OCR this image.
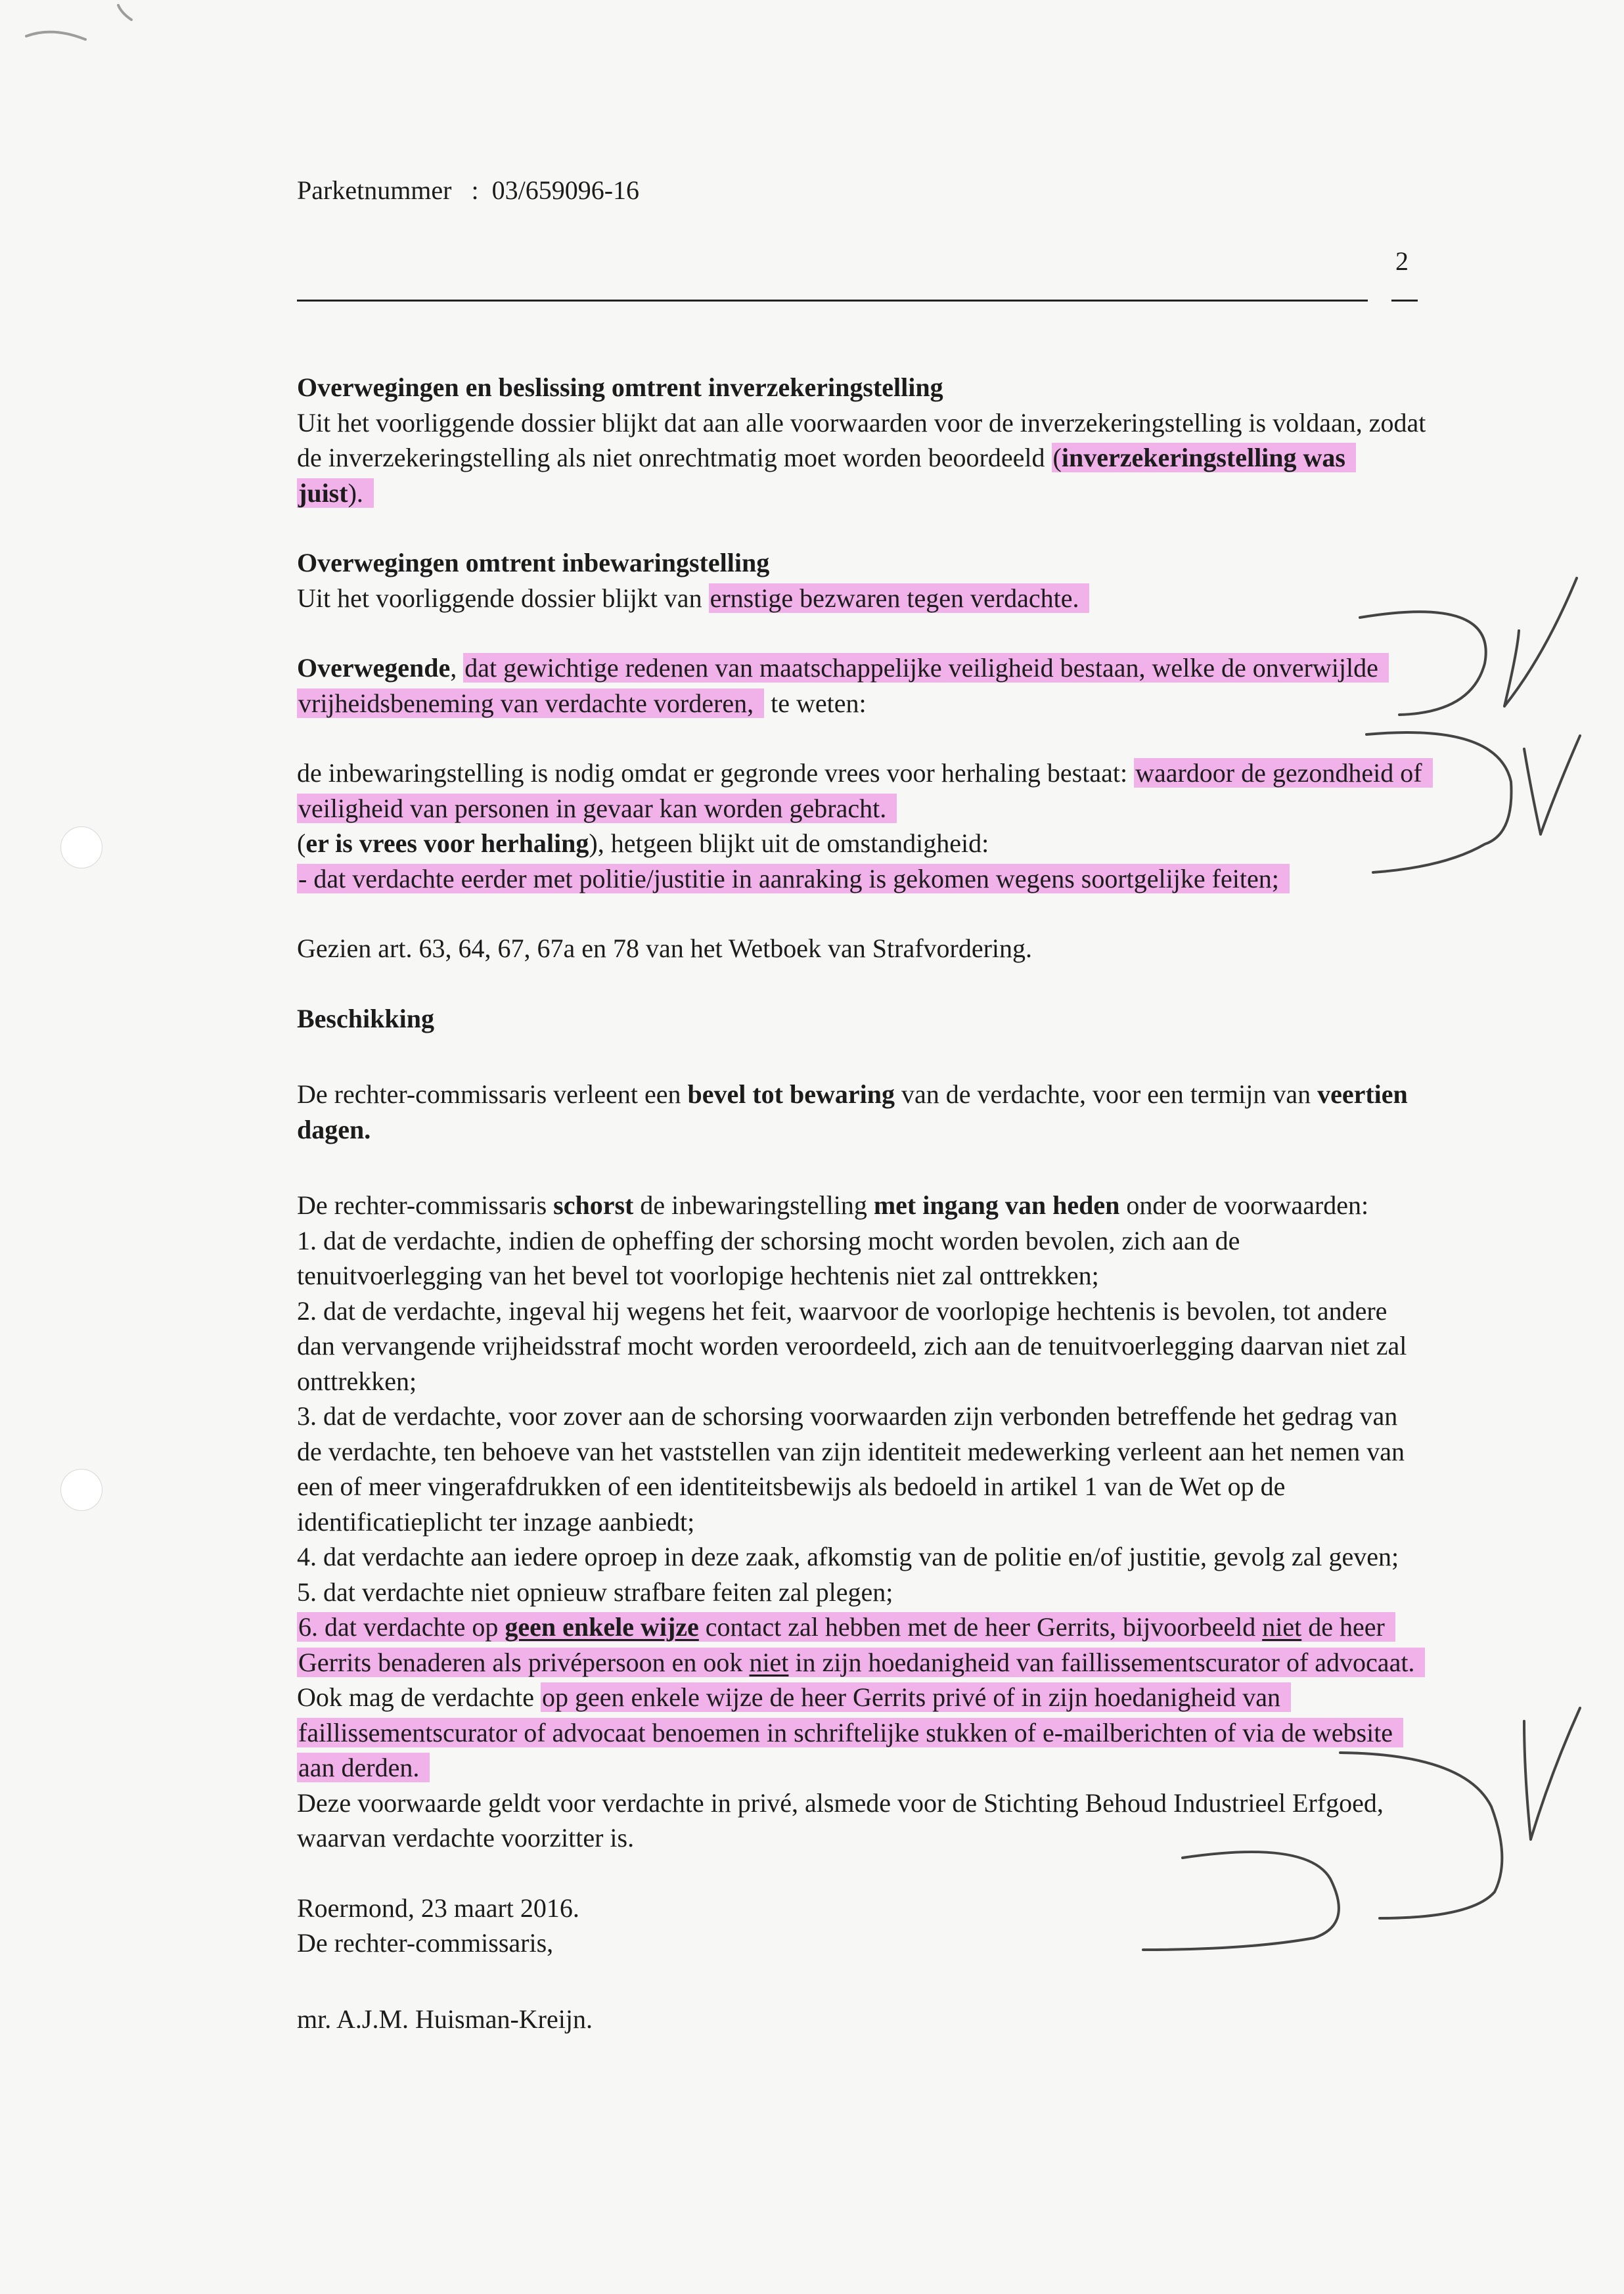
Parketnummer   :  03/659096-16
2

Overwegingen en beslissing omtrent inverzekeringstelling
Uit het voorliggende dossier blijkt dat aan alle voorwaarden voor de inverzekeringstelling is voldaan, zodat de inverzekeringstelling als niet onrechtmatig moet worden beoordeeld (inverzekeringstelling was juist).

Overwegingen omtrent inbewaringstelling
Uit het voorliggende dossier blijkt van ernstige bezwaren tegen verdachte.

Overwegende, dat gewichtige redenen van maatschappelijke veiligheid bestaan, welke de onverwijlde vrijheidsbeneming van verdachte vorderen, te weten:

de inbewaringstelling is nodig omdat er gegronde vrees voor herhaling bestaat: waardoor de gezondheid of veiligheid van personen in gevaar kan worden gebracht.
(er is vrees voor herhaling), hetgeen blijkt uit de omstandigheid:
- dat verdachte eerder met politie/justitie in aanraking is gekomen wegens soortgelijke feiten;

Gezien art. 63, 64, 67, 67a en 78 van het Wetboek van Strafvordering.

Beschikking

De rechter-commissaris verleent een bevel tot bewaring van de verdachte, voor een termijn van veertien dagen.

De rechter-commissaris schorst de inbewaringstelling met ingang van heden onder de voorwaarden:
1. dat de verdachte, indien de opheffing der schorsing mocht worden bevolen, zich aan de tenuitvoerlegging van het bevel tot voorlopige hechtenis niet zal onttrekken;
2. dat de verdachte, ingeval hij wegens het feit, waarvoor de voorlopige hechtenis is bevolen, tot andere dan vervangende vrijheidsstraf mocht worden veroordeeld, zich aan de tenuitvoerlegging daarvan niet zal onttrekken;
3. dat de verdachte, voor zover aan de schorsing voorwaarden zijn verbonden betreffende het gedrag van de verdachte, ten behoeve van het vaststellen van zijn identiteit medewerking verleent aan het nemen van een of meer vingerafdrukken of een identiteitsbewijs als bedoeld in artikel 1 van de Wet op de identificatieplicht ter inzage aanbiedt;
4. dat verdachte aan iedere oproep in deze zaak, afkomstig van de politie en/of justitie, gevolg zal geven;
5. dat verdachte niet opnieuw strafbare feiten zal plegen;
6. dat verdachte op geen enkele wijze contact zal hebben met de heer Gerrits, bijvoorbeeld niet de heer Gerrits benaderen als privépersoon en ook niet in zijn hoedanigheid van faillissementscurator of advocaat. Ook mag de verdachte op geen enkele wijze de heer Gerrits privé of in zijn hoedanigheid van faillissementscurator of advocaat benoemen in schriftelijke stukken of e-mailberichten of via de website aan derden.
Deze voorwaarde geldt voor verdachte in privé, alsmede voor de Stichting Behoud Industrieel Erfgoed, waarvan verdachte voorzitter is.

Roermond, 23 maart 2016.
De rechter-commissaris,

mr. A.J.M. Huisman-Kreijn.
